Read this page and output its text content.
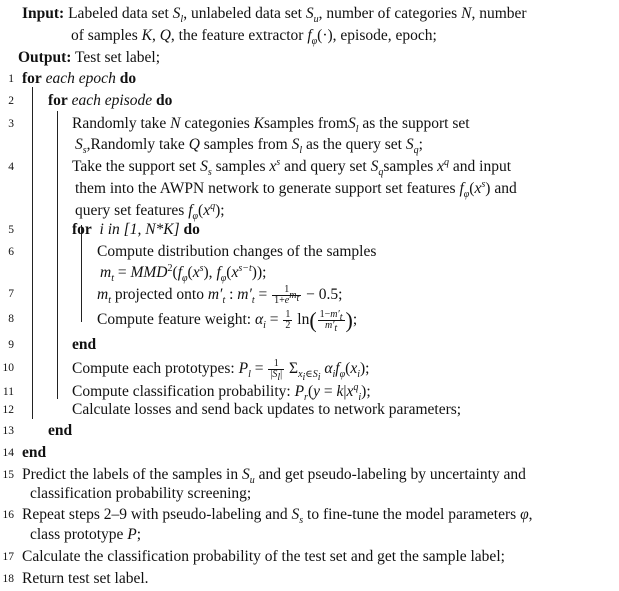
Input: Labeled data set $S_l$, unlabeled data set $S_u$, number of categories N, number
of samples K, Q, the feature extractor $f_\varphi(\cdot)$, episode, epoch;
Output: Test set label;
1
2
3
4
5
6
7
8
9
10
11
12
13
14
15
16
17
18
for each epoch do
for each episode do
Randomly take N categonies Ksamples fromS$_l$ as the support set
$S_s,Randomly$ take Q samples from $S_l$ as the query set $S_q$;
Take the support set $S_s$ samples $x^s$ and query set $S_qsamples$ $x^q$ and input
them into the AWPN network to generate support set features $f_\varphi(x^s)$ and
query set features $f_\varphi(x^q)$;
for i in [1, N*K] do
Compute distribution changes of the samples
$m_t = MMD^2(f_\varphi(x^s)$, $f_\varphi(x^{s-t})$);
$m_t$ projected onto $m'_t$ : $m'_t = \frac{1}{1+e^{m_t}} - 0.5$;
Compute feature weight: $\alpha_i = \frac{1}{2} \ln( \frac{1-m'_t}{m'_t}$ );
end
Compute each prototypes: $P_l = \frac{1}{|S_l|} \Sigma_{x_i\in S_i}$ $\alpha_if_\varphi(x_i)$;
Compute classification probability: $P_r(y = k|x^q_i)$;
Calculate losses and send back updates to network parameters;
end
end
Predict the labels of the samples in $S_u$ and get pseudo-labeling by uncertainty and
classification probability screening;
Repeat steps 2–9 with pseudo-labeling and $S_s$ to fine-tune the model parameters φ,
class prototype P;
Calculate the classification probability of the test set and get the sample label;
Return test set label.
